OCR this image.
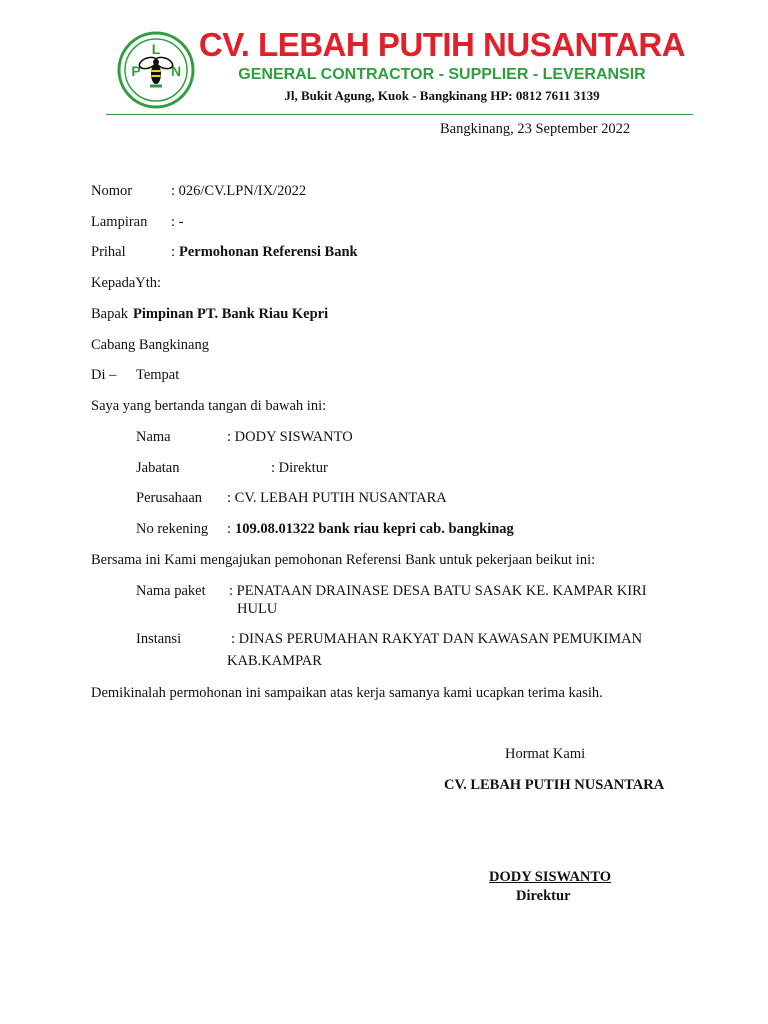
L
P N
CV. LEBAH PUTIH NUSANTARA
GENERAL CONTRACTOR - SUPPLIER - LEVERANSIR
Jl, Bukit Agung, Kuok - Bangkinang HP: 0812 7611 3139
Bangkinang, 23 September 2022
Nomor	: 026/CV.LPN/IX/2022
Lampiran : -
Prihal	: Permohonan Referensi Bank
KepadaYth:
Bapak Pimpinan PT. Bank Riau Kepri
Cabang Bangkinang
Di – Tempat
Saya yang bertanda tangan di bawah ini:
Nama	: DODY SISWANTO
Jabatan	: Direktur
Perusahaan : CV. LEBAH PUTIH NUSANTARA
No rekening : 109.08.01322 bank riau kepri cab. bangkinag
Bersama ini Kami mengajukan pemohonan Referensi Bank untuk pekerjaan beikut ini:
Nama paket : PENATAAN DRAINASE DESA BATU SASAK KE. KAMPAR KIRI
HULU
Instansi	: DINAS PERUMAHAN RAKYAT DAN KAWASAN PEMUKIMAN
KAB.KAMPAR
Demikinalah permohonan ini sampaikan atas kerja samanya kami ucapkan terima kasih.
Hormat Kami
CV. LEBAH PUTIH NUSANTARA
DODY SISWANTO
Direktur
